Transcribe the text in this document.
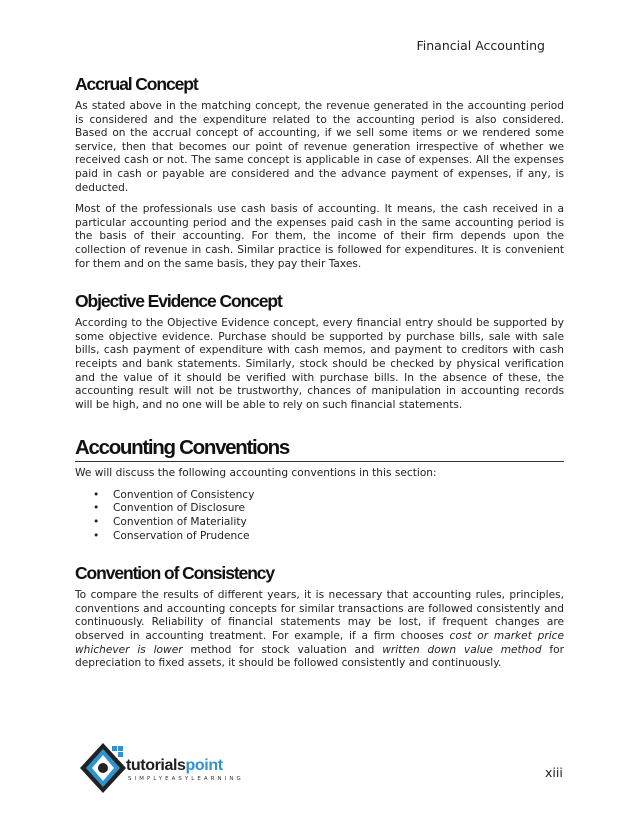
Financial Accounting
Accrual Concept

As stated above in the matching concept, the revenue generated in the accounting period is considered and the expenditure related to the accounting period is also considered. Based on the accrual concept of accounting, if we sell some items or we rendered some service, then that becomes our point of revenue generation irrespective of whether we received cash or not. The same concept is applicable in case of expenses. All the expenses paid in cash or payable are considered and the advance payment of expenses, if any, is deducted.

Most of the professionals use cash basis of accounting. It means, the cash received in a particular accounting period and the expenses paid cash in the same accounting period is the basis of their accounting. For them, the income of their firm depends upon the collection of revenue in cash. Similar practice is followed for expenditures. It is convenient for them and on the same basis, they pay their Taxes.

Objective Evidence Concept

According to the Objective Evidence concept, every financial entry should be supported by some objective evidence. Purchase should be supported by purchase bills, sale with sale bills, cash payment of expenditure with cash memos, and payment to creditors with cash receipts and bank statements. Similarly, stock should be checked by physical verification and the value of it should be verified with purchase bills. In the absence of these, the accounting result will not be trustworthy, chances of manipulation in accounting records will be high, and no one will be able to rely on such financial statements.

Accounting Conventions

We will discuss the following accounting conventions in this section:

• Convention of Consistency
• Convention of Disclosure
• Convention of Materiality
• Conservation of Prudence
Convention of Consistency

To compare the results of different years, it is necessary that accounting rules, principles, conventions and accounting concepts for similar transactions are followed consistently and continuously. Reliability of financial statements may be lost, if frequent changes are observed in accounting treatment. For example, if a firm chooses cost or market price whichever is lower method for stock valuation and written down value method for depreciation to fixed assets, it should be followed consistently and continuously.

tutorialspoint
SIMPLYEASYLEARNING	xiii
